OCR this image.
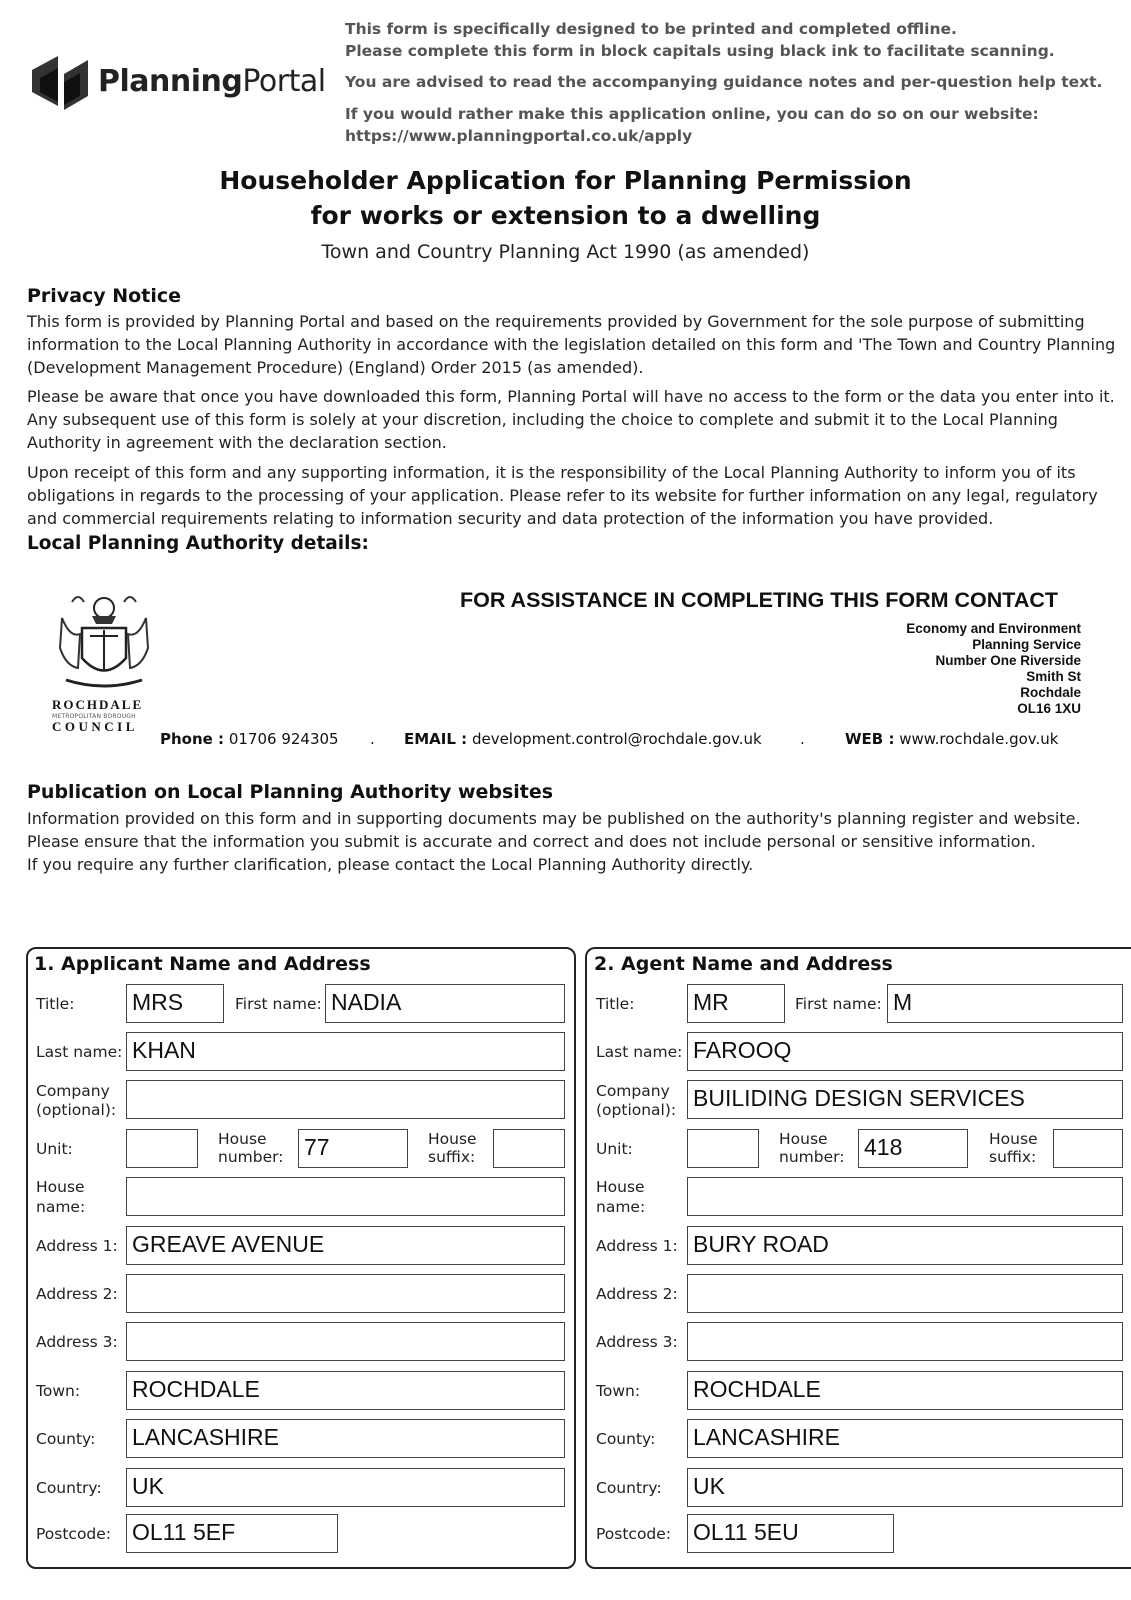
PlanningPortal
This form is specifically designed to be printed and completed offline.
Please complete this form in block capitals using black ink to facilitate scanning.
You are advised to read the accompanying guidance notes and per-question help text.
If you would rather make this application online, you can do so on our website:
https://www.planningportal.co.uk/apply
Householder Application for Planning Permission
for works or extension to a dwelling
Town and Country Planning Act 1990 (as amended)
Privacy Notice
This form is provided by Planning Portal and based on the requirements provided by Government for the sole purpose of submitting information to the Local Planning Authority in accordance with the legislation detailed on this form and 'The Town and Country Planning (Development Management Procedure) (England) Order 2015 (as amended).
Please be aware that once you have downloaded this form, Planning Portal will have no access to the form or the data you enter into it. Any subsequent use of this form is solely at your discretion, including the choice to complete and submit it to the Local Planning Authority in agreement with the declaration section.
Upon receipt of this form and any supporting information, it is the responsibility of the Local Planning Authority to inform you of its obligations in regards to the processing of your application. Please refer to its website for further information on any legal, regulatory and commercial requirements relating to information security and data protection of the information you have provided.
Local Planning Authority details:
ROCHDALE
METROPOLITAN BOROUGH
COUNCIL
FOR ASSISTANCE IN COMPLETING THIS FORM CONTACT
Economy and Environment
Planning Service
Number One Riverside
Smith St
Rochdale
OL16 1XU
Phone : 01706 924305 . EMAIL : development.control@rochdale.gov.uk	.	WEB : www.rochdale.gov.uk
Publication on Local Planning Authority websites
Information provided on this form and in supporting documents may be published on the authority's planning register and website.
Please ensure that the information you submit is accurate and correct and does not include personal or sensitive information.
If you require any further clarification, please contact the Local Planning Authority directly.
1. Applicant Name and Address
Title:	MRS	First name: NADIA
Last name: KHAN
Company
(optional):
Unit:
House
number: 77	House
suffix:
House
name:
Address 1: GREAVE AVENUE
Address 2:
Address 3:
Town: ROCHDALE
County: LANCASHIRE
Country: UK
Postcode: OL11 5EF
2. Agent Name and Address
Title:	MR	First name: M
Last name: FAROOQ
Company
(optional): BUILIDING DESIGN SERVICES
Unit:
House
number: 418	House
suffix:
House
name:
Address 1: BURY ROAD
Address 2:
Address 3:
Town: ROCHDALE
County: LANCASHIRE
Country: UK
Postcode: OL11 5EU
